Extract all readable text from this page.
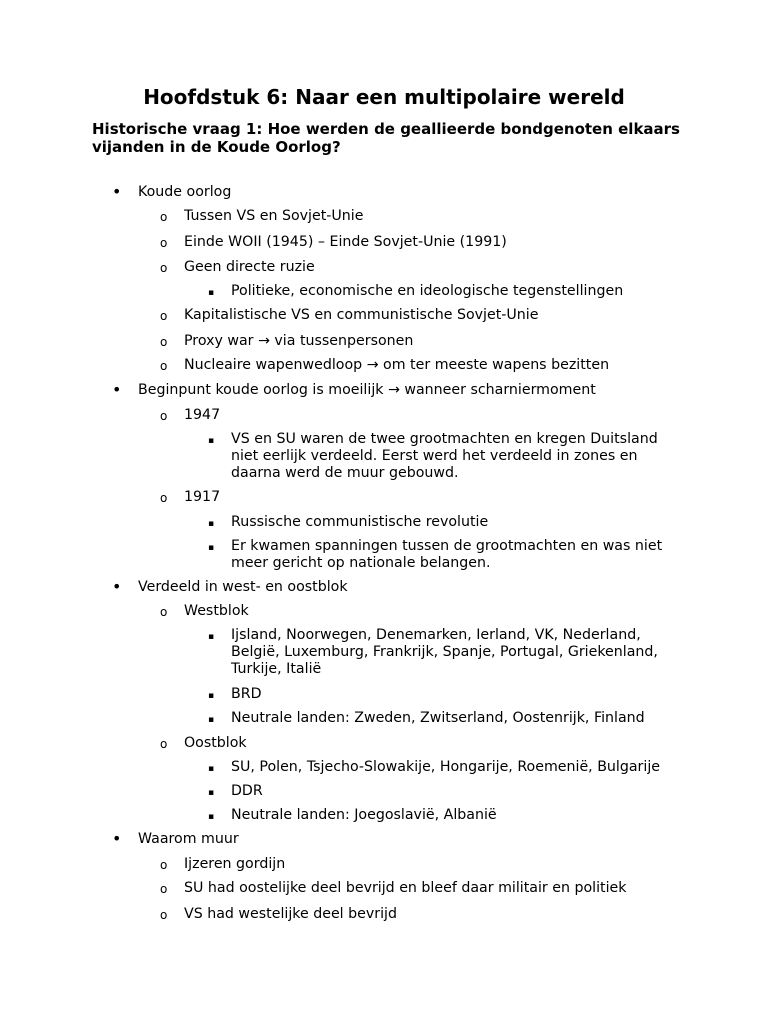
Hoofdstuk 6: Naar een multipolaire wereld
Historische vraag 1: Hoe werden de geallieerde bondgenoten elkaars vijanden in de Koude Oorlog?
• Koude oorlog
o Tussen VS en Sovjet-Unie
o Einde WOII (1945) – Einde Sovjet-Unie (1991)
o Geen directe ruzie
▪ Politieke, economische en ideologische tegenstellingen
o Kapitalistische VS en communistische Sovjet-Unie
o Proxy war → via tussenpersonen
o Nucleaire wapenwedloop → om ter meeste wapens bezitten
• Beginpunt koude oorlog is moeilijk → wanneer scharniermoment
o 1947
▪ VS en SU waren de twee grootmachten en kregen Duitsland niet eerlijk verdeeld. Eerst werd het verdeeld in zones en daarna werd de muur gebouwd.
o 1917
▪ Russische communistische revolutie
▪ Er kwamen spanningen tussen de grootmachten en was niet meer gericht op nationale belangen.
• Verdeeld in west- en oostblok
o Westblok
▪ Ijsland, Noorwegen, Denemarken, Ierland, VK, Nederland, België, Luxemburg, Frankrijk, Spanje, Portugal, Griekenland, Turkije, Italië
▪ BRD
▪ Neutrale landen: Zweden, Zwitserland, Oostenrijk, Finland
o Oostblok
▪ SU, Polen, Tsjecho-Slowakije, Hongarije, Roemenië, Bulgarije
▪ DDR
▪ Neutrale landen: Joegoslavië, Albanië
• Waarom muur
o Ijzeren gordijn
o SU had oostelijke deel bevrijd en bleef daar militair en politiek
o VS had westelijke deel bevrijd
